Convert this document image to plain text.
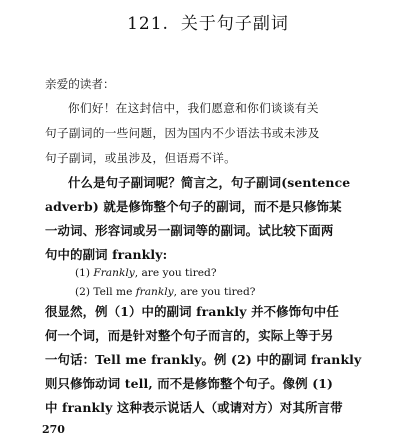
121. 关于句子副词
亲爱的读者：
你们好！在这封信中，我们愿意和你们谈谈有关
句子副词的一些问题，因为国内不少语法书或未涉及
句子副词，或虽涉及，但语焉不详。
什么是句子副词呢？简言之，句子副词(sentence
adverb) 就是修饰整个句子的副词，而不是只修饰某
一动词、形容词或另一副词等的副词。试比较下面两
句中的副词 frankly:
(1) Frankly, are you tired?
(2) Tell me frankly, are you tired?
很显然，例（1）中的副词 frankly 并不修饰句中任
何一个词，而是针对整个句子而言的，实际上等于另
一句话：Tell me frankly。例 (2) 中的副词 frankly
则只修饰动词 tell, 而不是修饰整个句子。像例 (1)
中 frankly 这种表示说话人（或请对方）对其所言带
270
